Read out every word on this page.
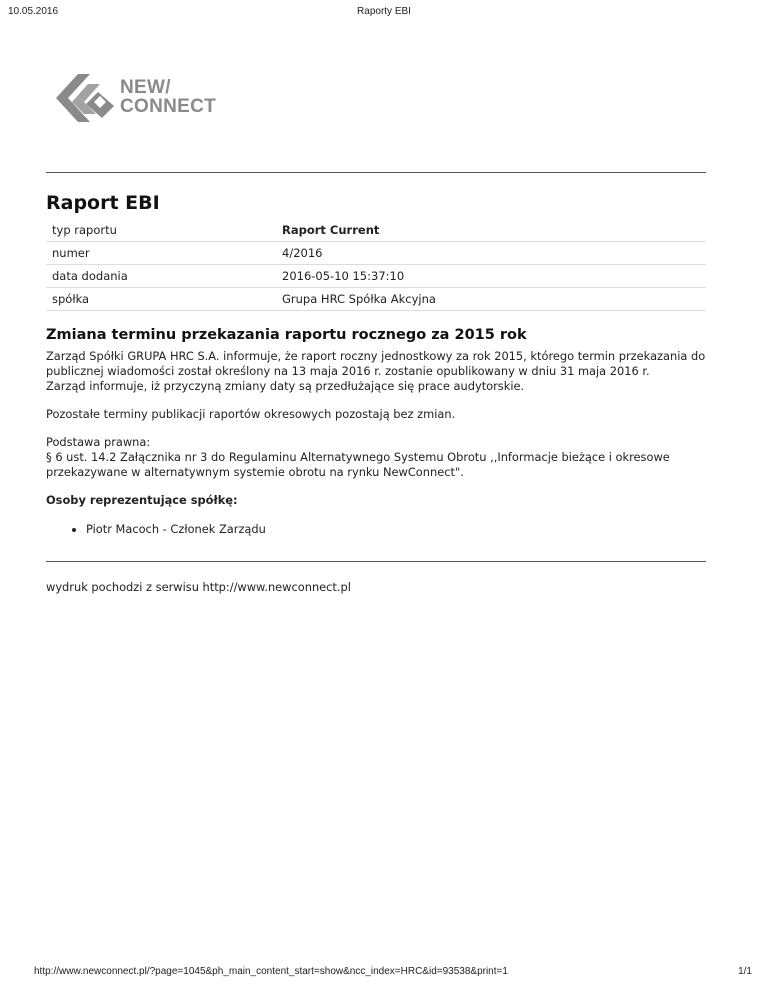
10.05.2016	Raporty EBI
NEW/
CONNECT
Raport EBI
typ raportu	Raport Current
numer	4/2016
data dodania	2016-05-10 15:37:10
spółka	Grupa HRC Spółka Akcyjna
Zmiana terminu przekazania raportu rocznego za 2015 rok

Zarząd Spółki GRUPA HRC S.A. informuje, że raport roczny jednostkowy za rok 2015, którego termin przekazania do
publicznej wiadomości został określony na 13 maja 2016 r. zostanie opublikowany w dniu 31 maja 2016 r.
Zarząd informuje, iż przyczyną zmiany daty są przedłużające się prace audytorskie.

Pozostałe terminy publikacji raportów okresowych pozostają bez zmian.

Podstawa prawna:
§ 6 ust. 14.2 Załącznika nr 3 do Regulaminu Alternatywnego Systemu Obrotu ,,Informacje bieżące i okresowe
przekazywane w alternatywnym systemie obrotu na rynku NewConnect".

Osoby reprezentujące spółkę:

• Piotr Macoch - Członek Zarządu
wydruk pochodzi z serwisu http://www.newconnect.pl
http://www.newconnect.pl/?page=1045&ph_main_content_start=show&ncc_index=HRC&id=93538&print=1	1/1
